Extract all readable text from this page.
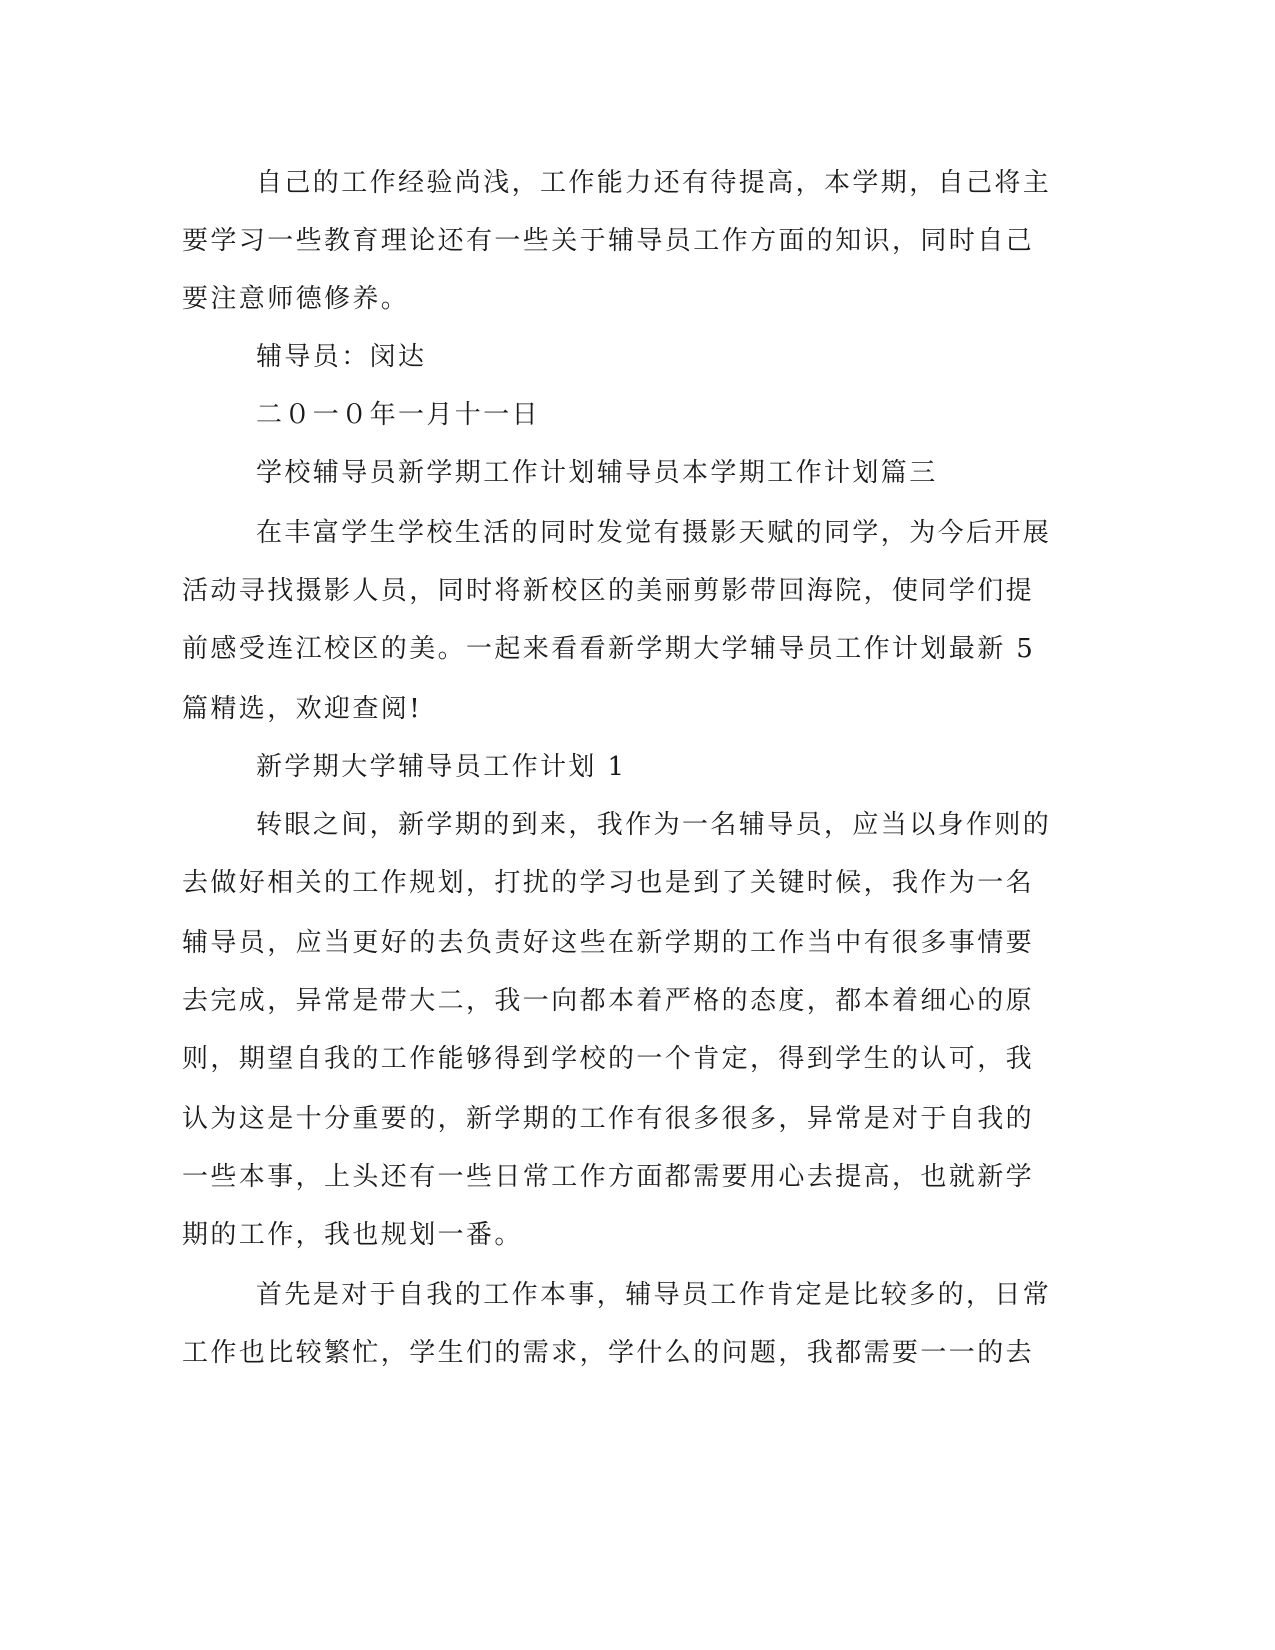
自己的工作经验尚浅，工作能力还有待提高，本学期，自己将主

要学习一些教育理论还有一些关于辅导员工作方面的知识，同时自己

要注意师德修养。

辅导员：闵达

二０一０年一月十一日

学校辅导员新学期工作计划辅导员本学期工作计划篇三

在丰富学生学校生活的同时发觉有摄影天赋的同学，为今后开展

活动寻找摄影人员，同时将新校区的美丽剪影带回海院，使同学们提

前感受连江校区的美。一起来看看新学期大学辅导员工作计划最新 5

篇精选，欢迎查阅!

新学期大学辅导员工作计划 1

转眼之间，新学期的到来，我作为一名辅导员，应当以身作则的

去做好相关的工作规划，打扰的学习也是到了关键时候，我作为一名

辅导员，应当更好的去负责好这些在新学期的工作当中有很多事情要

去完成，异常是带大二，我一向都本着严格的态度，都本着细心的原

则，期望自我的工作能够得到学校的一个肯定，得到学生的认可，我

认为这是十分重要的，新学期的工作有很多很多，异常是对于自我的

一些本事，上头还有一些日常工作方面都需要用心去提高，也就新学

期的工作，我也规划一番。

首先是对于自我的工作本事，辅导员工作肯定是比较多的，日常

工作也比较繁忙，学生们的需求，学什么的问题，我都需要一一的去
